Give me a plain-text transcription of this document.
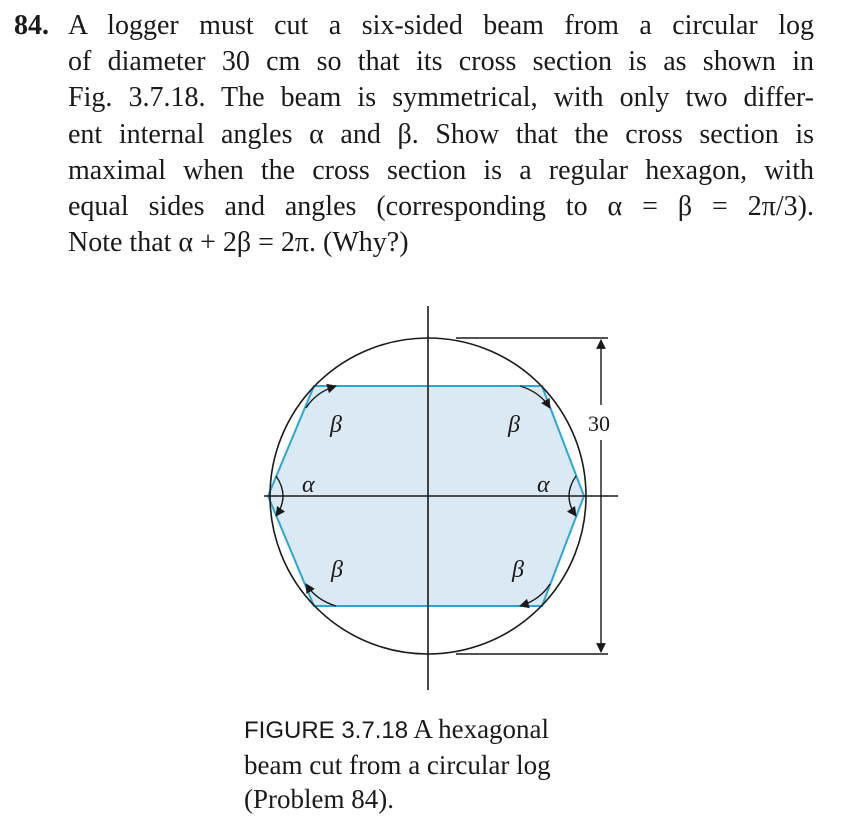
84. A logger must cut a six-sided beam from a circular log
of diameter 30 cm so that its cross section is as shown in
Fig. 3.7.18. The beam is symmetrical, with only two differ-
ent internal angles α and β. Show that the cross section is
maximal when the cross section is a regular hexagon, with
equal sides and angles (corresponding to α = β = 2π/3).
Note that α + 2β = 2π. (Why?)
β	β
α	α
β	β
30
FIGURE 3.7.18 A hexagonal
beam cut from a circular log
(Problem 84).
